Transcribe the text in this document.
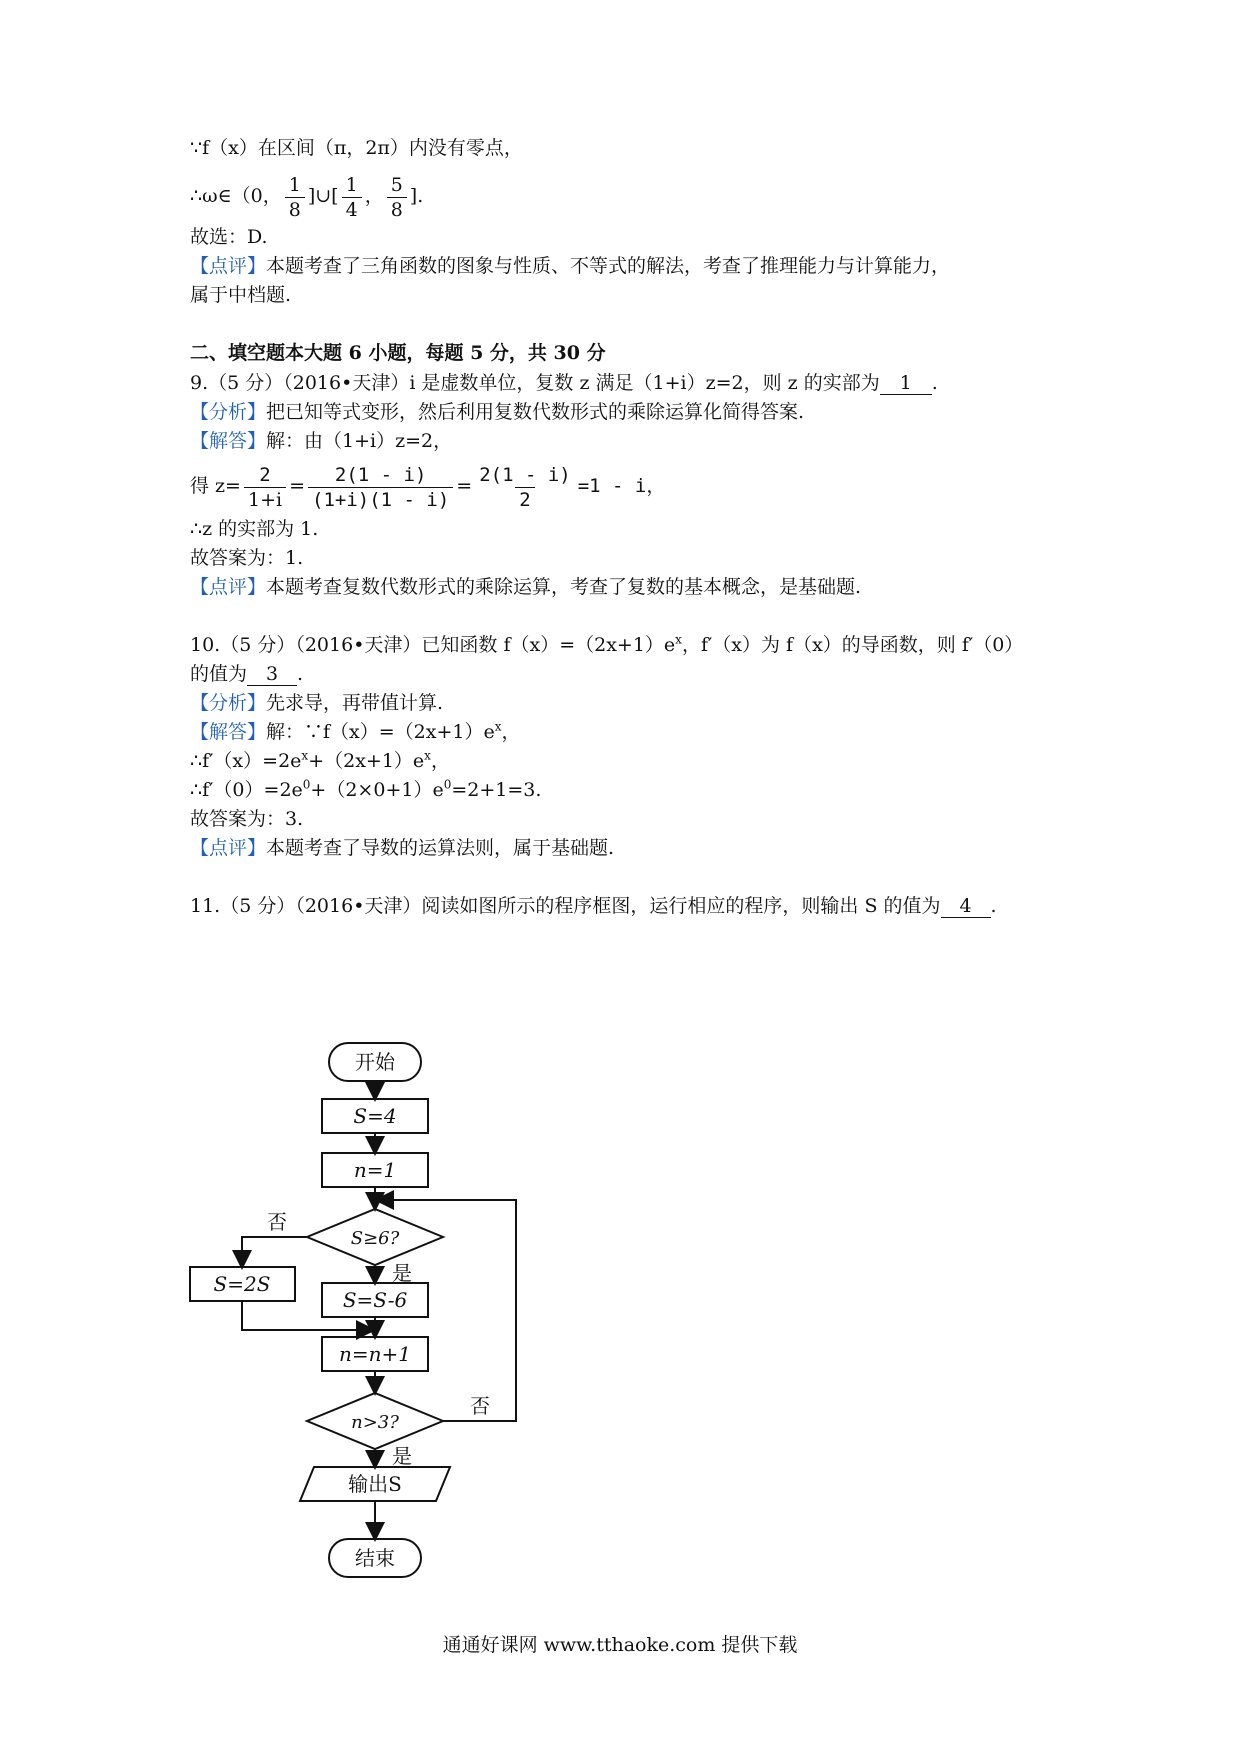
∵f（x）在区间（π，2π）内没有零点，
∴ω∈（0， $\frac{1}{8}$ ]∪[ $\frac{1}{4}$ ， $\frac{5}{8}$ ].
故选：D.
【点评】本题考查了三角函数的图象与性质、不等式的解法，考查了推理能力与计算能力，
属于中档题.
二、填空题本大题 6 小题，每题 5 分，共 30 分
9.（5 分）（2016•天津）i 是虚数单位，复数 z 满足（1+i）z=2，则 z 的实部为 1 .
【分析】把已知等式变形，然后利用复数代数形式的乘除运算化简得答案.
【解答】解：由（1+i）z=2，
得 $z= \frac{2}{1+i} = \frac{2(1 - i)}{(1+i)(1 - i)} = \frac{2(1 - i)}{2} =1 - i$，
∴z 的实部为 1.
故答案为：1.
【点评】本题考查复数代数形式的乘除运算，考查了复数的基本概念，是基础题.
10.（5 分）（2016•天津）已知函数 $f(x)=(2x+1)e^x$，f′（x）为 f（x）的导函数，则 f′（0）
的值为 3 .
【分析】先求导，再带值计算.
【解答】解：$\because f(x)=(2x+1)e^x$，
$\therefore f'(x)=2e^x+(2x+1)e^x$，
$\therefore f'(0)=2e^0+(2\times 0+1)e^0=2+1=3$.
故答案为：3.
【点评】本题考查了导数的运算法则，属于基础题.
11.（5 分）（2016•天津）阅读如图所示的程序框图，运行相应的程序，则输出 S 的值为 4 .
开始
S=4
n=1
S≥6?
否
是
S=2S
S=S-6
n=n+1
n>3?
否
是
输出S
结束
通通好课网 www.tthaoke.com 提供下载
